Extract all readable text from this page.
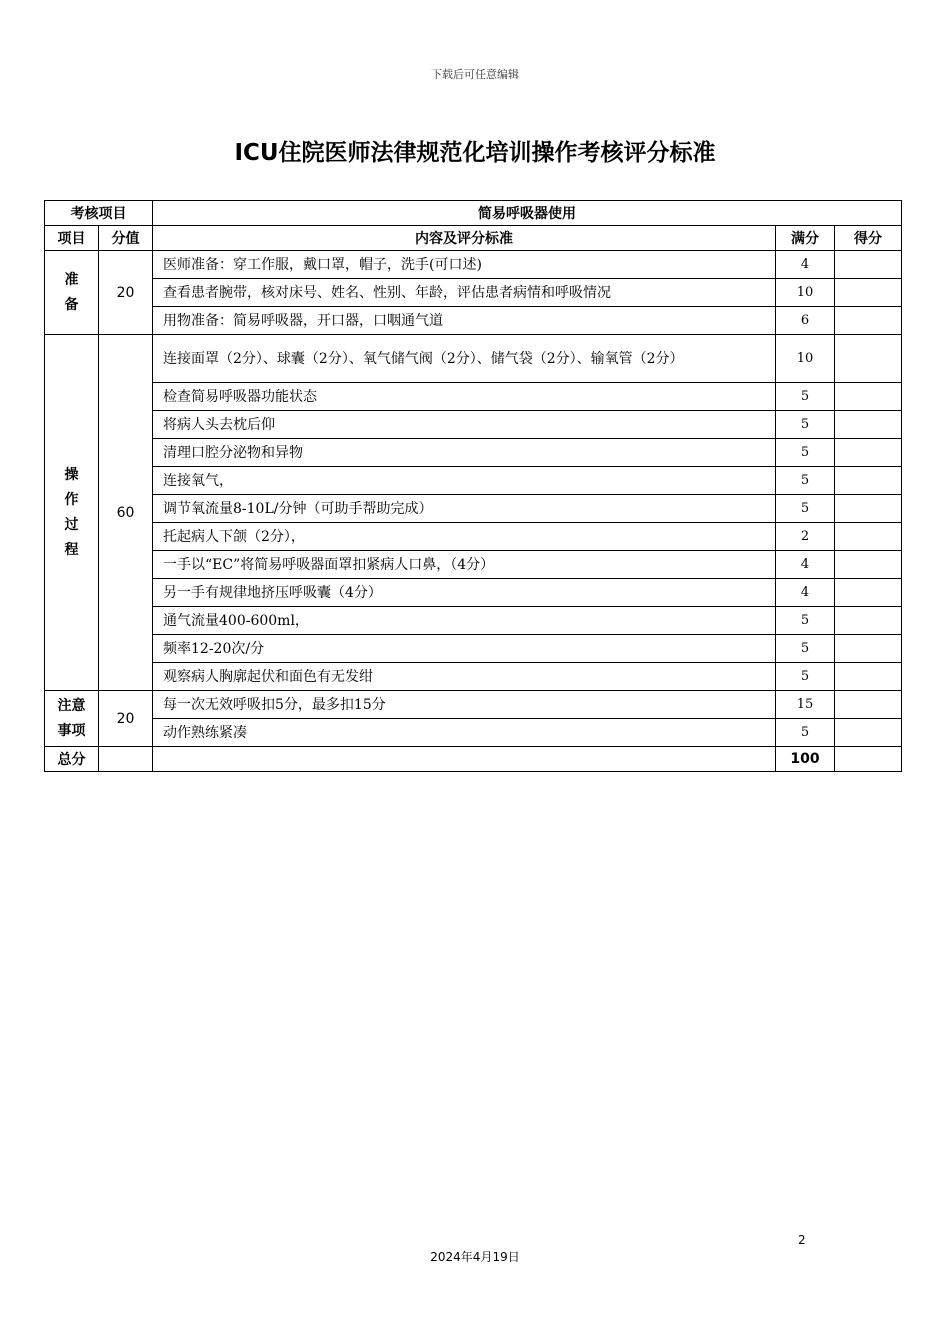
下载后可任意编辑
ICU住院医师法律规范化培训操作考核评分标准
考核项目		简易呼吸器使用		
项目	分值	内容及评分标准	满分	得分
准
备	20	医师准备：穿工作服，戴口罩，帽子，洗手(可口述)	4	
		查看患者腕带，核对床号、姓名、性别、年龄，评估患者病情和呼吸情况	10	
		用物准备：简易呼吸器，开口器，口咽通气道	6	
操
作
过
程	60	连接面罩（2分）、球囊（2分）、氧气储气阀（2分）、储气袋（2分）、输氧管（2分）	10	
		检查简易呼吸器功能状态	5	
		将病人头去枕后仰	5	
		清理口腔分泌物和异物	5	
		连接氧气，	5	
		调节氧流量8-10L/分钟（可助手帮助完成）	5	
		托起病人下颌（2分），	2	
		一手以“EC”将简易呼吸器面罩扣紧病人口鼻，（4分）	4	
		另一手有规律地挤压呼吸囊（4分）	4	
		通气流量400-600ml，	5	
		频率12-20次/分	5	
		观察病人胸廓起伏和面色有无发绀	5	
注意
事项	20	每一次无效呼吸扣5分，最多扣15分	15	
		动作熟练紧凑	5	
总分			100	
2
2024年4月19日
